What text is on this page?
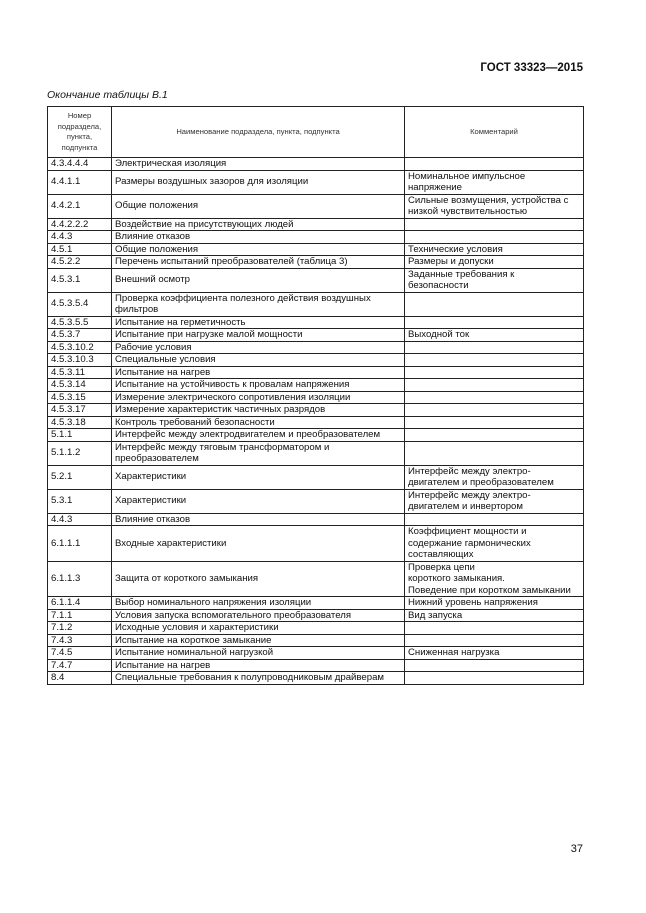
ГОСТ 33323—2015
Окончание таблицы В.1
Номер подраздела, пункта, подпункта	Наименование подраздела, пункта, подпункта	Комментарий
4.3.4.4.4	Электрическая изоляция	
4.4.1.1	Размеры воздушных зазоров для изоляции	Номинальное импульсное
напряжение
4.4.2.1	Общие положения	Сильные возмущения, устройства с
низкой чувствительностью
4.4.2.2.2	Воздействие на присутствующих людей	
4.4.3	Влияние отказов	
4.5.1	Общие положения	Технические условия
4.5.2.2	Перечень испытаний преобразователей (таблица 3)	Размеры и допуски
4.5.3.1	Внешний осмотр	Заданные требования к
безопасности
4.5.3.5.4	Проверка коэффициента полезного действия воздушных фильтров	
4.5.3.5.5	Испытание на герметичность	
4.5.3.7	Испытание при нагрузке малой мощности	Выходной ток
4.5.3.10.2	Рабочие условия	
4.5.3.10.3	Специальные условия	
4.5.3.11	Испытание на нагрев	
4.5.3.14	Испытание на устойчивость к провалам напряжения	
4.5.3.15	Измерение электрического сопротивления изоляции	
4.5.3.17	Измерение характеристик частичных разрядов	
4.5.3.18	Контроль требований безопасности	
5.1.1	Интерфейс между электродвигателем и преобразователем	
5.1.1.2	Интерфейс между тяговым трансформатором и преобразователем	
5.2.1	Характеристики	Интерфейс между электро-
двигателем и преобразователем
5.3.1	Характеристики	Интерфейс между электро-
двигателем и инвертором
4.4.3	Влияние отказов	
6.1.1.1	Входные характеристики	Коэффициент мощности и
содержание гармонических
составляющих
6.1.1.3	Защита от короткого замыкания	Проверка цепи
короткого замыкания.
Поведение при коротком замыкании
6.1.1.4	Выбор номинального напряжения изоляции	Нижний уровень напряжения
7.1.1	Условия запуска вспомогательного преобразователя	Вид запуска
7.1.2	Исходные условия и характеристики	
7.4.3	Испытание на короткое замыкание	
7.4.5	Испытание номинальной нагрузкой	Сниженная нагрузка
7.4.7	Испытание на нагрев	
8.4	Специальные требования к полупроводниковым драйверам	
37
